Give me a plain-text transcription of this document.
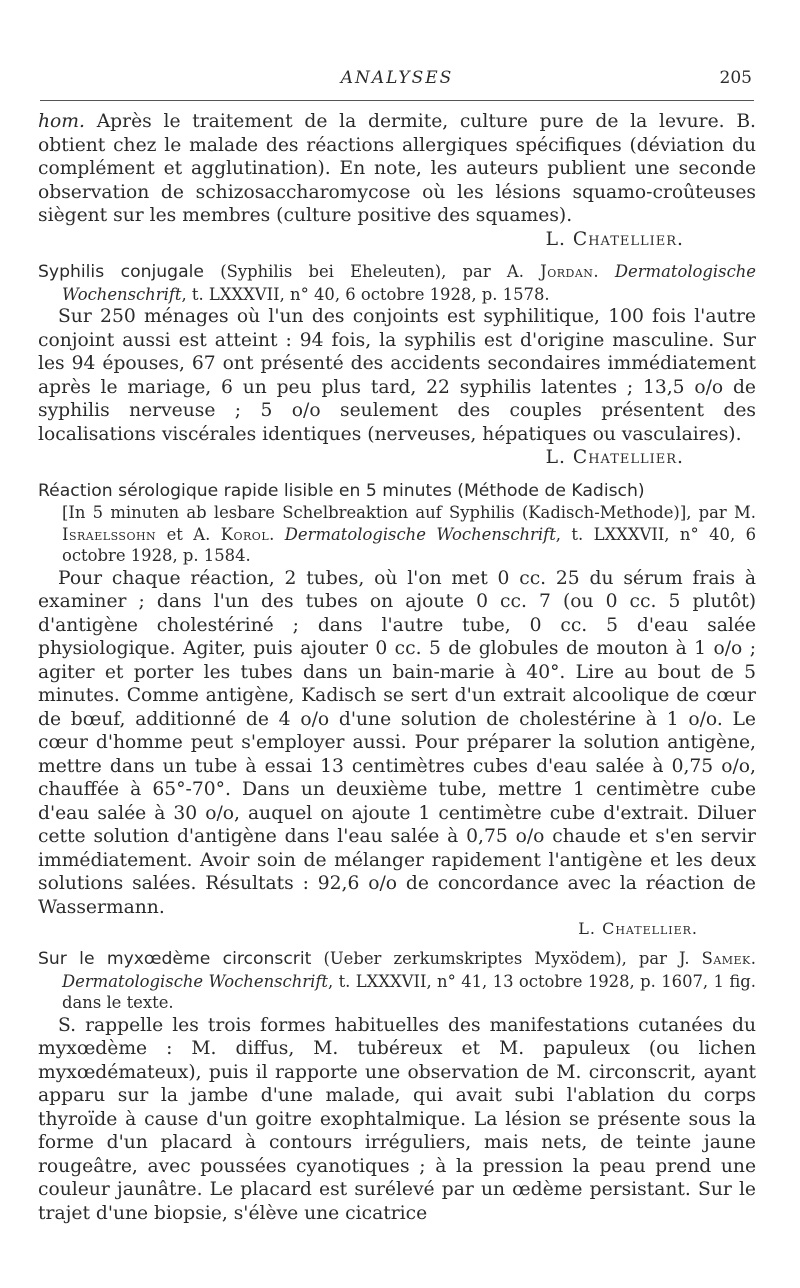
ANALYSES	205

hom. Après le traitement de la dermite, culture pure de la levure. B. obtient chez le malade des réactions allergiques spécifiques (déviation du complément et agglutination). En note, les auteurs publient une seconde observation de schizosaccharomycose où les lésions squamo-croûteuses siègent sur les membres (culture positive des squames).
L. Chatellier.

Syphilis conjugale (Syphilis bei Eheleuten), par A. Jordan. Dermatologische Wochenschrift, t. LXXXVII, n° 40, 6 octobre 1928, p. 1578.

Sur 250 ménages où l'un des conjoints est syphilitique, 100 fois l'autre conjoint aussi est atteint : 94 fois, la syphilis est d'origine masculine. Sur les 94 épouses, 67 ont présenté des accidents secondaires immédiatement après le mariage, 6 un peu plus tard, 22 syphilis latentes ; 13,5 o/o de syphilis nerveuse ; 5 o/o seulement des couples présentent des localisations viscérales identiques (nerveuses, hépatiques ou vasculaires).
L. Chatellier.

Réaction sérologique rapide lisible en 5 minutes (Méthode de Kadisch)
[In 5 minuten ab lesbare Schelbreaktion auf Syphilis (Kadisch-Methode)], par M. Israelssohn et A. Korol. Dermatologische Wochenschrift, t. LXXXVII, n° 40, 6 octobre 1928, p. 1584.

Pour chaque réaction, 2 tubes, où l'on met 0 cc. 25 du sérum frais à examiner ; dans l'un des tubes on ajoute 0 cc. 7 (ou 0 cc. 5 plutôt) d'antigène cholestériné ; dans l'autre tube, 0 cc. 5 d'eau salée physiologique. Agiter, puis ajouter 0 cc. 5 de globules de mouton à 1 o/o ; agiter et porter les tubes dans un bain-marie à 40°. Lire au bout de 5 minutes. Comme antigène, Kadisch se sert d'un extrait alcoolique de cœur de bœuf, additionné de 4 o/o d'une solution de cholestérine à 1 o/o. Le cœur d'homme peut s'employer aussi. Pour préparer la solution antigène, mettre dans un tube à essai 13 centimètres cubes d'eau salée à 0,75 o/o, chauffée à 65°-70°. Dans un deuxième tube, mettre 1 centimètre cube d'eau salée à 30 o/o, auquel on ajoute 1 centimètre cube d'extrait. Diluer cette solution d'antigène dans l'eau salée à 0,75 o/o chaude et s'en servir immédiatement. Avoir soin de mélanger rapidement l'antigène et les deux solutions salées. Résultats : 92,6 o/o de concordance avec la réaction de Wassermann.

L. Chatellier.

Sur le myxœdème circonscrit (Ueber zerkumskriptes Myxödem), par J. Samek. Dermatologische Wochenschrift, t. LXXXVII, n° 41, 13 octobre 1928, p. 1607, 1 fig. dans le texte.

S. rappelle les trois formes habituelles des manifestations cutanées du myxœdème : M. diffus, M. tubéreux et M. papuleux (ou lichen myxœdémateux), puis il rapporte une observation de M. circonscrit, ayant apparu sur la jambe d'une malade, qui avait subi l'ablation du corps thyroïde à cause d'un goitre exophtalmique. La lésion se présente sous la forme d'un placard à contours irréguliers, mais nets, de teinte jaune rougeâtre, avec poussées cyanotiques ; à la pression la peau prend une couleur jaunâtre. Le placard est surélevé par un œdème persistant. Sur le trajet d'une biopsie, s'élève une cicatrice
